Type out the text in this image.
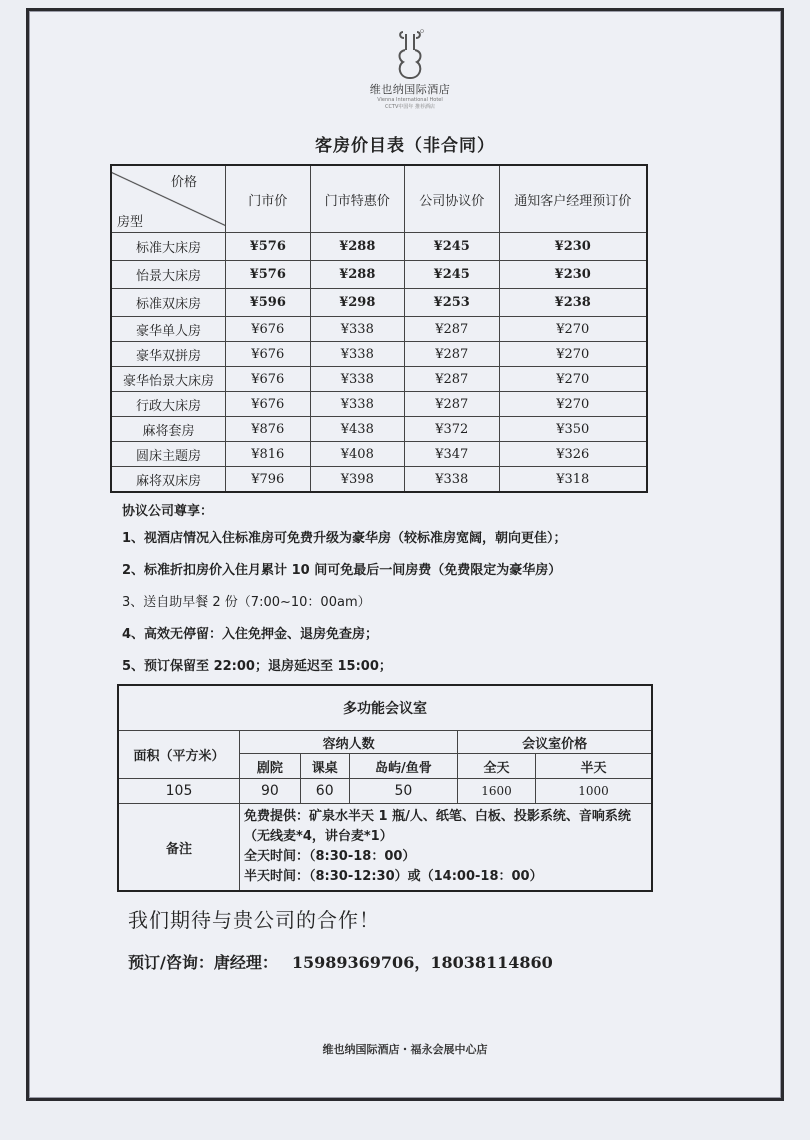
维也纳国际酒店
Vienna International Hotel
CCTV中国年 推荐酒店
客房价目表（非合同）
价格
房型	门市价	门市特惠价	公司协议价	通知客户经理预订价
标准大床房	¥576	¥288	¥245	¥230
怡景大床房	¥576	¥288	¥245	¥230
标准双床房	¥596	¥298	¥253	¥238
豪华单人房	¥676	¥338	¥287	¥270
豪华双拼房	¥676	¥338	¥287	¥270
豪华怡景大床房	¥676	¥338	¥287	¥270
行政大床房	¥676	¥338	¥287	¥270
麻将套房	¥876	¥438	¥372	¥350
圆床主题房	¥816	¥408	¥347	¥326
麻将双床房	¥796	¥398	¥338	¥318
协议公司尊享：
1、视酒店情况入住标准房可免费升级为豪华房（较标准房宽阔，朝向更佳）；
2、标准折扣房价入住月累计 10 间可免最后一间房费（免费限定为豪华房）
3、送自助早餐 2 份（7:00~10：00am）
4、高效无停留：入住免押金、退房免查房；
5、预订保留至 22:00；退房延迟至 15:00；
多功能会议室					
面积（平方米）	容纳人数			会议室价格	
	剧院	课桌	岛屿/鱼骨	全天	半天
105	90	60	50	1600	1000
备注	免费提供：矿泉水半天 1 瓶/人、纸笔、白板、投影系统、音响系统（无线麦*4，讲台麦*1）
全天时间：（8:30-18：00）
半天时间：（8:30-12:30）或（14:00-18：00）				
我们期待与贵公司的合作！
预订/咨询：唐经理： 15989369706，18038114860
维也纳国际酒店・福永会展中心店
